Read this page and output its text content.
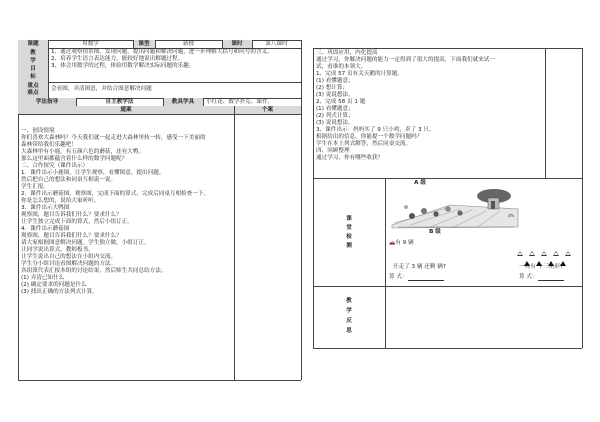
课题	用数学	课型	新授	课时	第八课时
教
学
目
标
1、通过观察情景图，发现问题，提出问题和解决问题，进一步理解大括号和问号的含义。
2、培养学生语言表达能力，能较好地说出解题过程。
3、体会用数学的过程，体验用数学解决实际问题的乐趣。
重点
难点
会看图，弄清图意，并结合图意解决问题
学法指导	自主教学法	教具学具	小红花、数学扑克、课件。
通案	个案
一、创设情境
你们喜欢大森林吗？今天我们就一起走进大森林里转一转，感受一下美丽的
森林带给我们乐趣吧！
大森林里有小鹿，有五颜六色的蘑菇，还有大鸭。
那么这里面都蕴含着什么样的数学问题呢？
二、合作探究（课件出示）
1．课件出示小鹿图，让学生观察，看懂图意，提出问题。
然后把自己的想法和同桌互相说一说。
学生汇报。
2．课件出示蘑菇图，观察图，完成下面的算式，完成后同桌互相检查一下。
你是怎么想的，说给大家听听。
3．课件出示大鸭图
观察图，题目告诉我们什么？要求什么？
让学生独立完成下面的算式，然后小组订正。
4．课件出示蘑菇图
观察图，题目告诉我们什么？要求什么？
请大家根据图意解决问题。学生独立做，小组订正。
让同学说出算式，教师板书。
让学生说出自己的想法在小组内交流。
学生分小组讨论看图解决问题的方法。
各组派代表汇报本组的讨论结果，然后师生共同总结方法。
(1) 弄清已知什么
(2) 确定要求的问题是什么
(3) 找出正确的方法列式计算。
三、巩固应用、内化提高
通过学习，你解决问题的能力一定得到了很大的提高，下面我们就来试一
试，看谁的本领大。
1、完成 57 页有关天鹅的计算题。
(1) 看懂题意；
(2) 想计算；
(3) 说说想法。
2、完成 58 页 1 题
(1) 看懂题意；
(2) 列式计算；
(3) 说说想法。
3、课件出示：妈妈买了 9 只小鸡，卖了 3 只。
根据给出的信息，你能提一个数学问题吗？
学生在本上列式解答，然后同桌交流。
四、回顾整理
通过学习，你有哪些收获？
课
堂
检
测
A 级
B 级
🚗有 9 辆

开走了 3 辆 还剩 辆?
算 式：
一共有 个三角形?
算 式：
教
学
反
思
